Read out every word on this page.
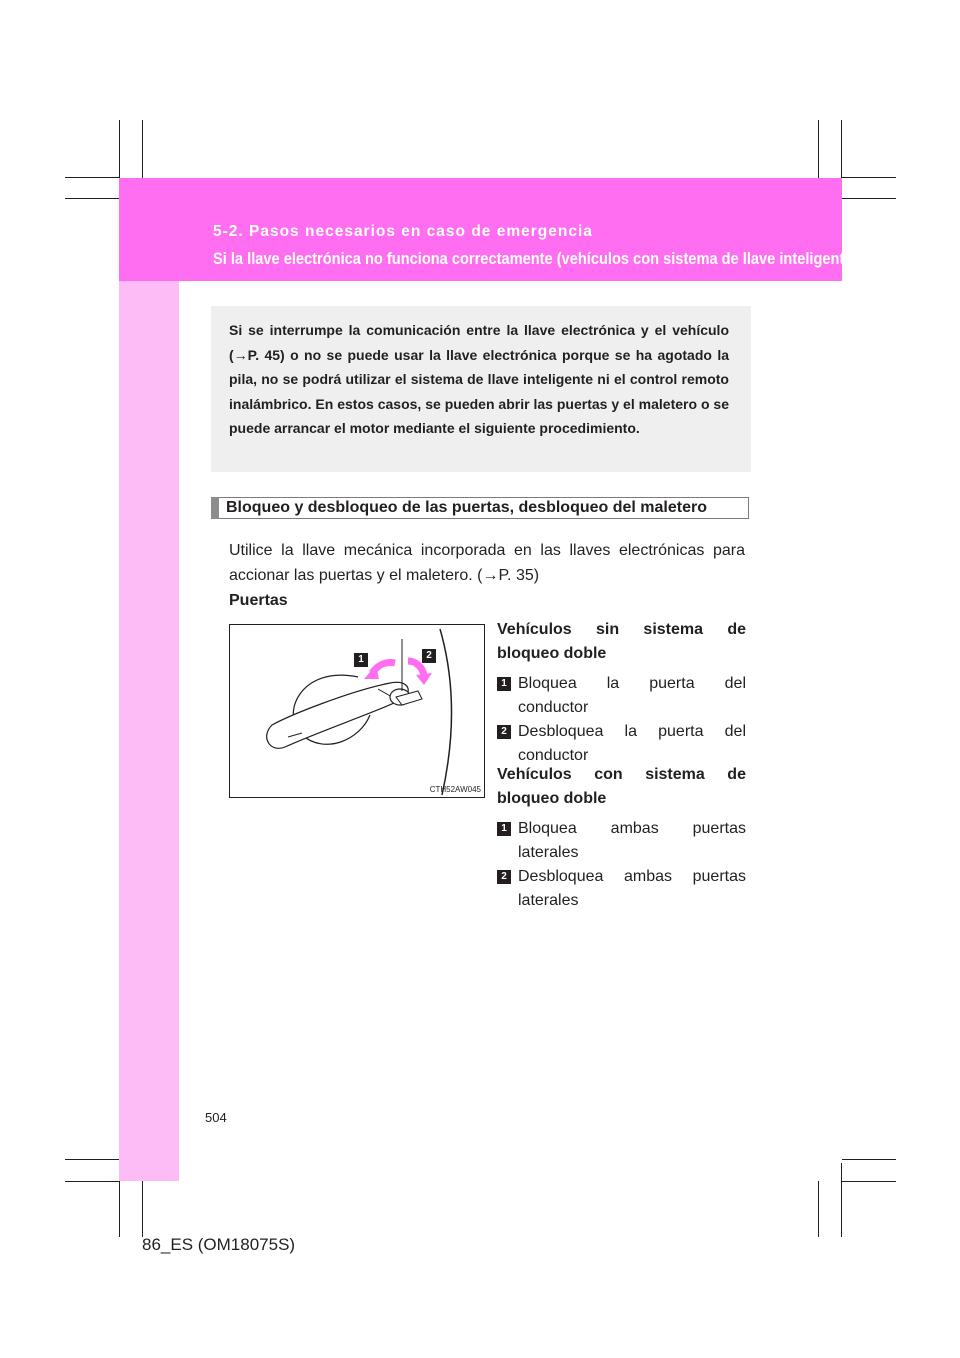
5-2. Pasos necesarios en caso de emergencia
Si la llave electrónica no funciona correctamente (vehículos con sistema de llave inteligente)

Si se interrumpe la comunicación entre la llave electrónica y el vehículo (→P. 45) o no se puede usar la llave electrónica porque se ha agotado la pila, no se podrá utilizar el sistema de llave inteligente ni el control remoto inalámbrico. En estos casos, se pueden abrir las puertas y el maletero o se puede arrancar el motor mediante el siguiente procedimiento.

Bloqueo y desbloqueo de las puertas, desbloqueo del maletero

Utilice la llave mecánica incorporada en las llaves electrónicas para accionar las puertas y el maletero. (→P. 35)

Puertas
1	2
CTH52AW045
Vehículos sin sistema de
bloqueo doble
1 Bloquea la puerta del
conductor
2 Desbloquea la puerta del
conductor
Vehículos con sistema de
bloqueo doble
1 Bloquea ambas puertas
laterales
2 Desbloquea ambas puertas
laterales
504
86_ES (OM18075S)
